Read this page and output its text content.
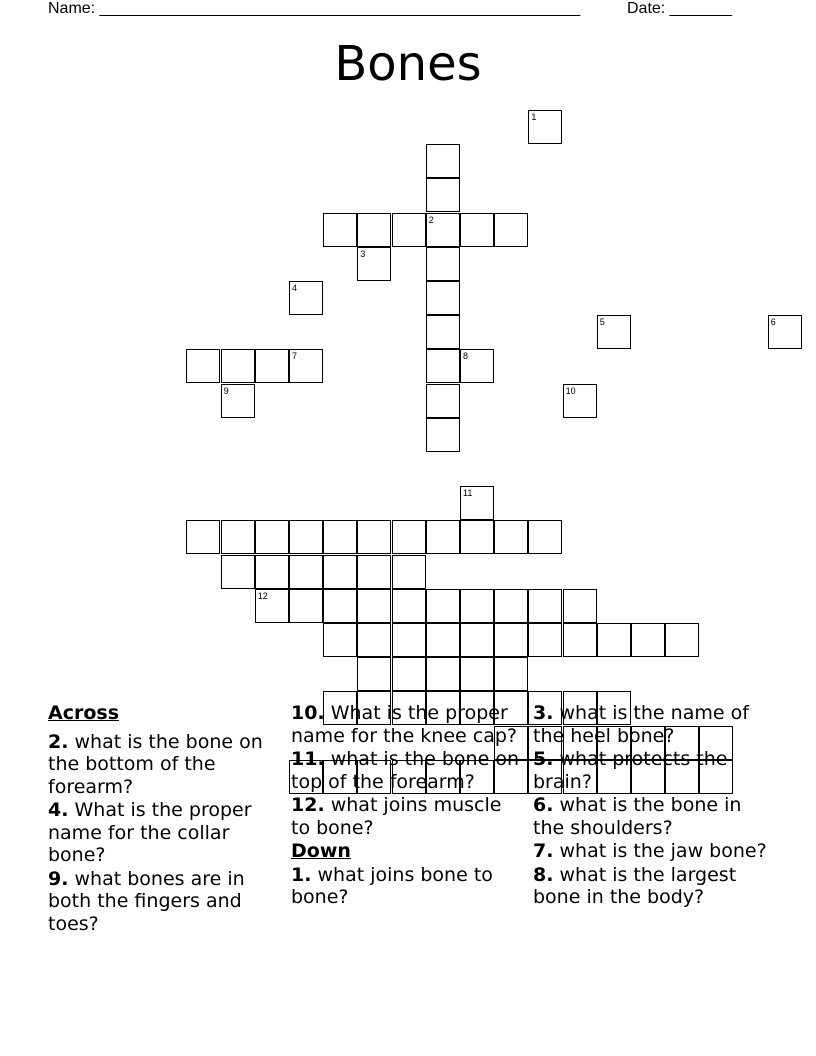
Name: ______________________________________________________	Date: _______
Bones
1
2
3
4
5	6
7	8
9	10
11
12
Across
2. what is the bone on the bottom of the forearm?
4. What is the proper name for the collar bone?
9. what bones are in both the fingers and toes?
10. What is the proper name for the knee cap?
11. what is the bone on top of the forearm?
12. what joins muscle to bone?
Down
1. what joins bone to bone?
3. what is the name of the heel bone?
5. what protects the brain?
6. what is the bone in the shoulders?
7. what is the jaw bone?
8. what is the largest bone in the body?
